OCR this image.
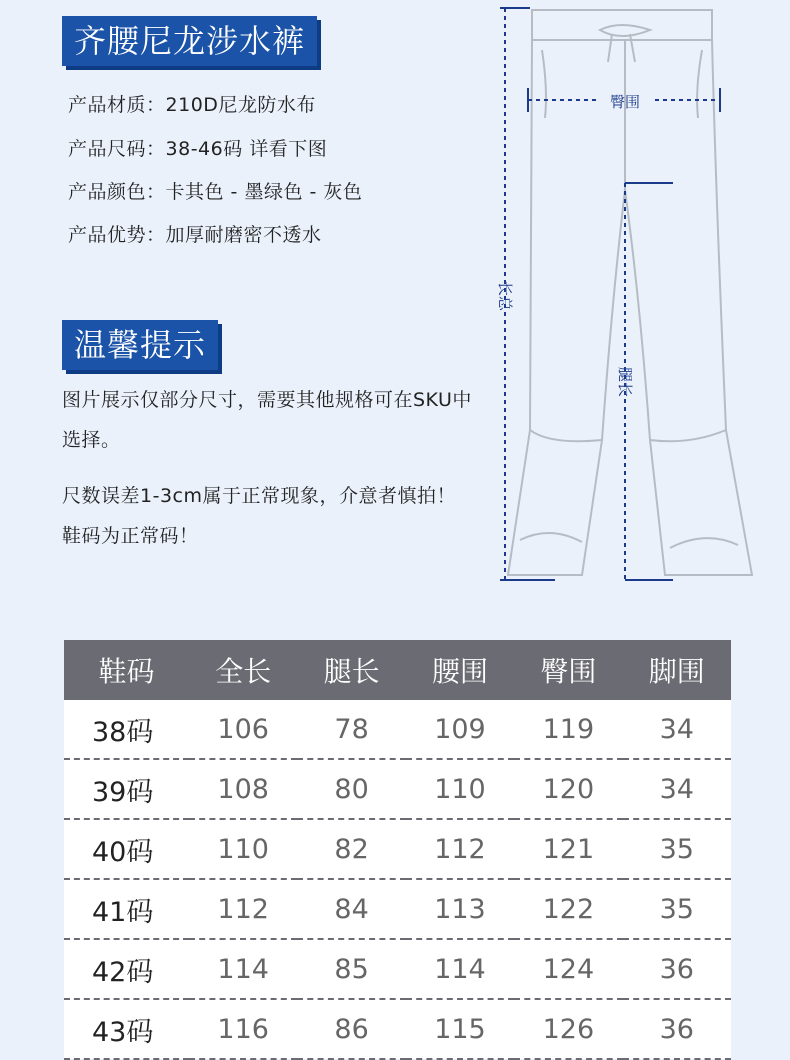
齐腰尼龙涉水裤
产品材质：210D尼龙防水布
产品尺码：38-46码 详看下图
产品颜色：卡其色 - 墨绿色 - 灰色
产品优势：加厚耐磨密不透水
温馨提示
图片展示仅部分尺寸，需要其他规格可在SKU中选择。
尺数误差1-3cm属于正常现象，介意者慎拍！鞋码为正常码！
臀围
长总
腿长
鞋码	全长	腿长	腰围	臀围	脚围
38码	106	78	109	119	34
39码	108	80	110	120	34
40码	110	82	112	121	35
41码	112	84	113	122	35
42码	114	85	114	124	36
43码	116	86	115	126	36
